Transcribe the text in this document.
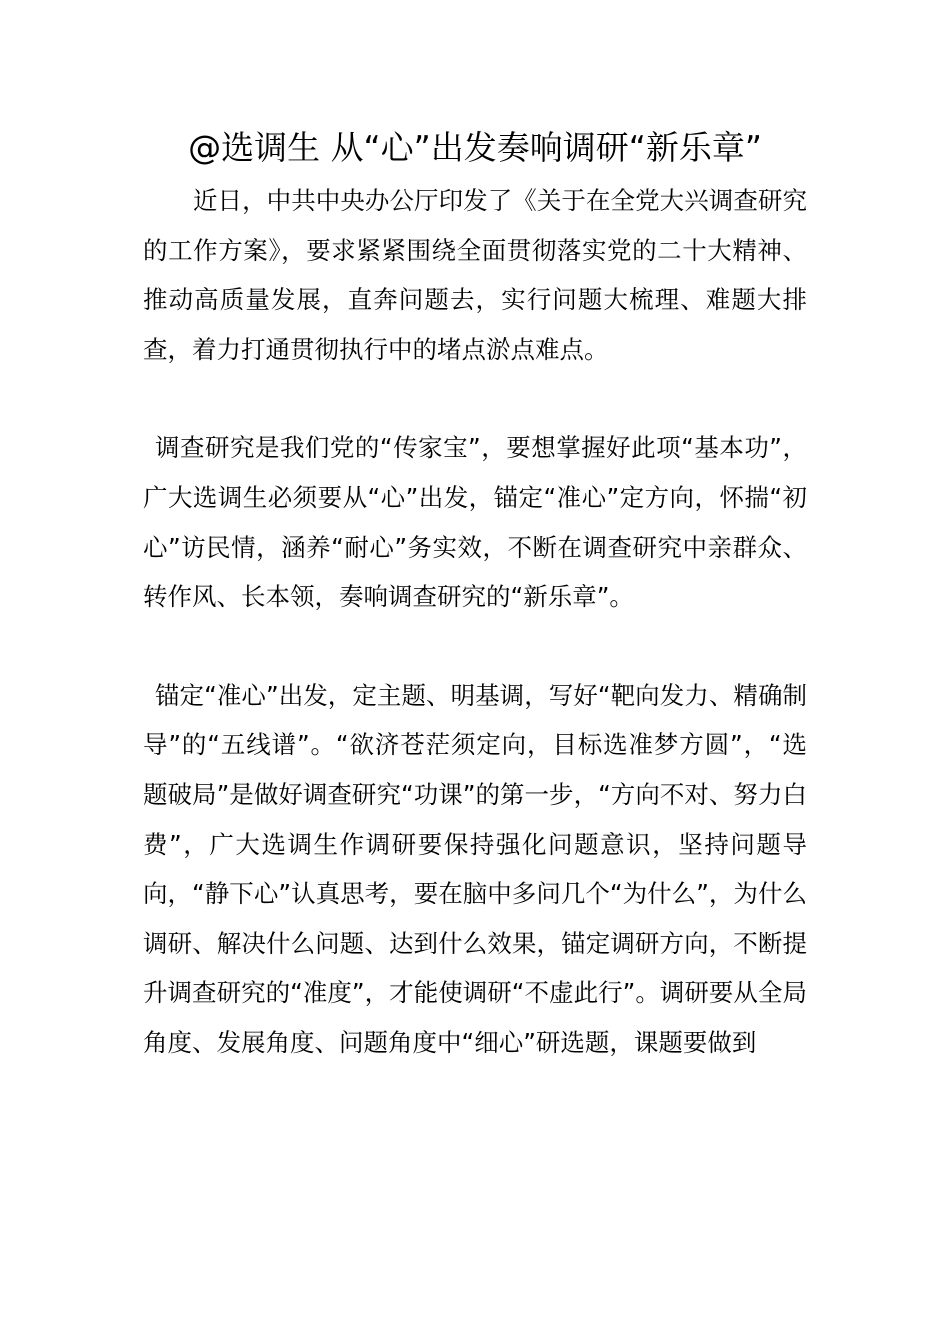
@选调生 从“心”出发奏响调研“新乐章”

近日，中共中央办公厅印发了《关于在全党大兴调查研究的工作方案》，要求紧紧围绕全面贯彻落实党的二十大精神、推动高质量发展，直奔问题去，实行问题大梳理、难题大排查，着力打通贯彻执行中的堵点淤点难点。

调查研究是我们党的“传家宝”，要想掌握好此项“基本功”，广大选调生必须要从“心”出发，锚定“准心”定方向，怀揣“初心”访民情，涵养“耐心”务实效，不断在调查研究中亲群众、转作风、长本领，奏响调查研究的“新乐章”。

锚定“准心”出发，定主题、明基调，写好“靶向发力、精确制导”的“五线谱”。“欲济苍茫须定向，目标选准梦方圆”，“选题破局”是做好调查研究“功课”的第一步，“方向不对、努力白费”，广大选调生作调研要保持强化问题意识，坚持问题导向，“静下心”认真思考，要在脑中多问几个“为什么”，为什么调研、解决什么问题、达到什么效果，锚定调研方向，不断提升调查研究的“准度”，才能使调研“不虚此行”。调研要从全局角度、发展角度、问题角度中“细心”研选题，课题要做到
